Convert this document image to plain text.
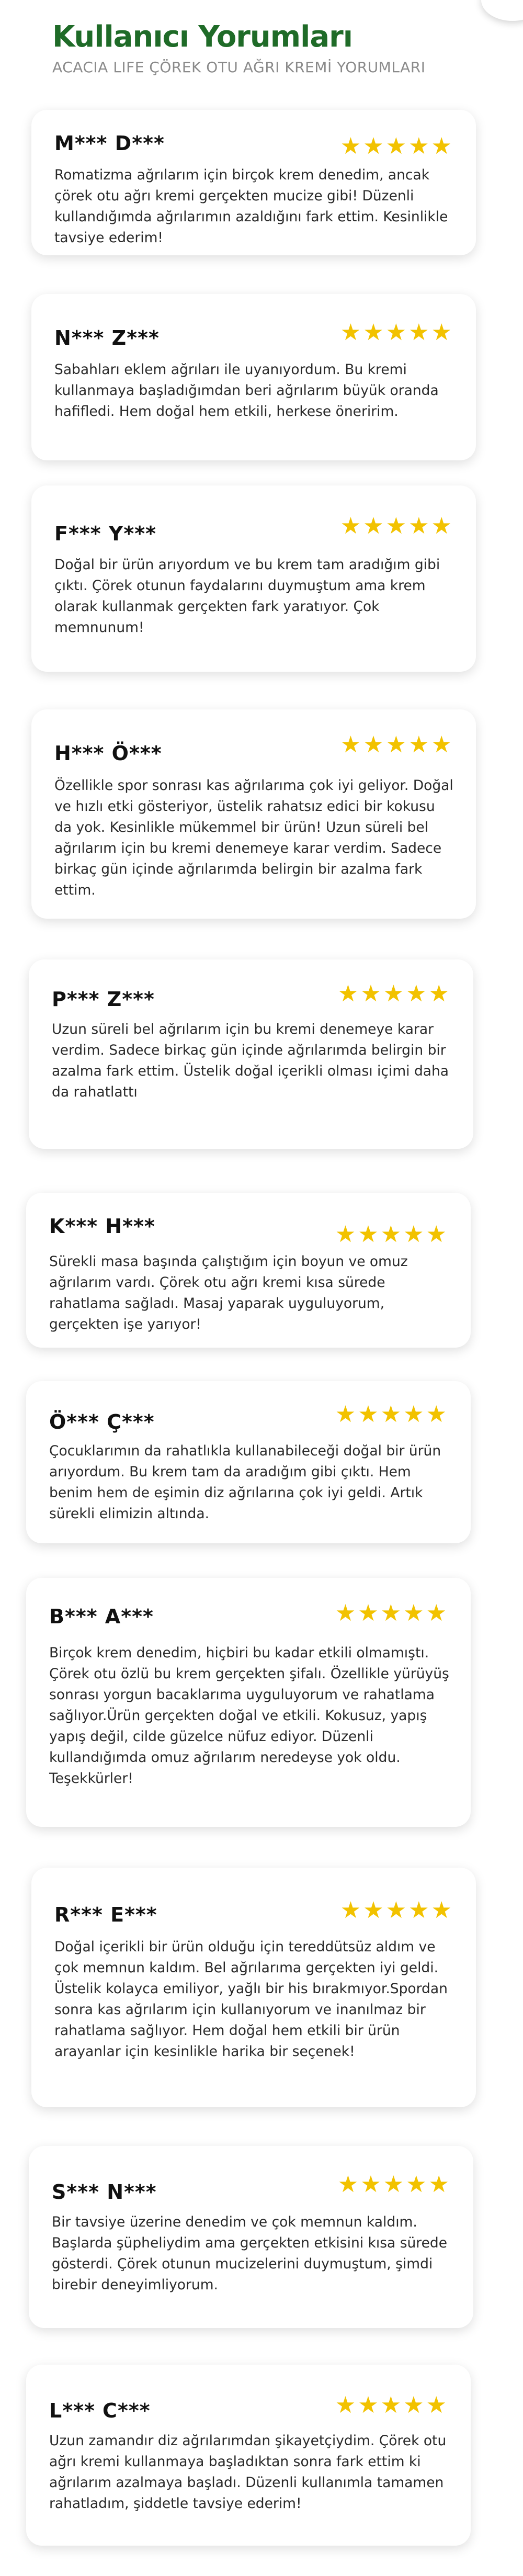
Kullanıcı Yorumları
ACACIA LIFE ÇÖREK OTU AĞRI KREMİ YORUMLARI
M*** D***	★ ★ ★ ★ ★
Romatizma ağrılarım için birçok krem denedim, ancak çörek otu ağrı kremi gerçekten mucize gibi! Düzenli kullandığımda ağrılarımın azaldığını fark ettim. Kesinlikle tavsiye ederim!
N*** Z***	★ ★ ★ ★ ★
Sabahları eklem ağrıları ile uyanıyordum. Bu kremi kullanmaya başladığımdan beri ağrılarım büyük oranda hafifledi. Hem doğal hem etkili, herkese öneririm.
F*** Y***	★ ★ ★ ★ ★
Doğal bir ürün arıyordum ve bu krem tam aradığım gibi çıktı. Çörek otunun faydalarını duymuştum ama krem olarak kullanmak gerçekten fark yaratıyor. Çok memnunum!
H*** Ö***	★ ★ ★ ★ ★
Özellikle spor sonrası kas ağrılarıma çok iyi geliyor. Doğal ve hızlı etki gösteriyor, üstelik rahatsız edici bir kokusu da yok. Kesinlikle mükemmel bir ürün! Uzun süreli bel ağrılarım için bu kremi denemeye karar verdim. Sadece birkaç gün içinde ağrılarımda belirgin bir azalma fark ettim.
P*** Z***	★ ★ ★ ★ ★
Uzun süreli bel ağrılarım için bu kremi denemeye karar verdim. Sadece birkaç gün içinde ağrılarımda belirgin bir azalma fark ettim. Üstelik doğal içerikli olması içimi daha da rahatlattı
K*** H***	★ ★ ★ ★ ★
Sürekli masa başında çalıştığım için boyun ve omuz ağrılarım vardı. Çörek otu ağrı kremi kısa sürede rahatlama sağladı. Masaj yaparak uyguluyorum, gerçekten işe yarıyor!
Ö*** Ç***	★ ★ ★ ★ ★
Çocuklarımın da rahatlıkla kullanabileceği doğal bir ürün arıyordum. Bu krem tam da aradığım gibi çıktı. Hem benim hem de eşimin diz ağrılarına çok iyi geldi. Artık sürekli elimizin altında.
B*** A***	★ ★ ★ ★ ★
Birçok krem denedim, hiçbiri bu kadar etkili olmamıştı. Çörek otu özlü bu krem gerçekten şifalı. Özellikle yürüyüş sonrası yorgun bacaklarıma uyguluyorum ve rahatlama sağlıyor.Ürün gerçekten doğal ve etkili. Kokusuz, yapış yapış değil, cilde güzelce nüfuz ediyor. Düzenli kullandığımda omuz ağrılarım neredeyse yok oldu. Teşekkürler!
R*** E***	★ ★ ★ ★ ★
Doğal içerikli bir ürün olduğu için tereddütsüz aldım ve çok memnun kaldım. Bel ağrılarıma gerçekten iyi geldi. Üstelik kolayca emiliyor, yağlı bir his bırakmıyor.Spordan sonra kas ağrılarım için kullanıyorum ve inanılmaz bir rahatlama sağlıyor. Hem doğal hem etkili bir ürün arayanlar için kesinlikle harika bir seçenek!
S*** N***	★ ★ ★ ★ ★
Bir tavsiye üzerine denedim ve çok memnun kaldım. Başlarda şüpheliydim ama gerçekten etkisini kısa sürede gösterdi. Çörek otunun mucizelerini duymuştum, şimdi birebir deneyimliyorum.
L*** C***	★ ★ ★ ★ ★
Uzun zamandır diz ağrılarımdan şikayetçiydim. Çörek otu ağrı kremi kullanmaya başladıktan sonra fark ettim ki ağrılarım azalmaya başladı. Düzenli kullanımla tamamen rahatladım, şiddetle tavsiye ederim!
